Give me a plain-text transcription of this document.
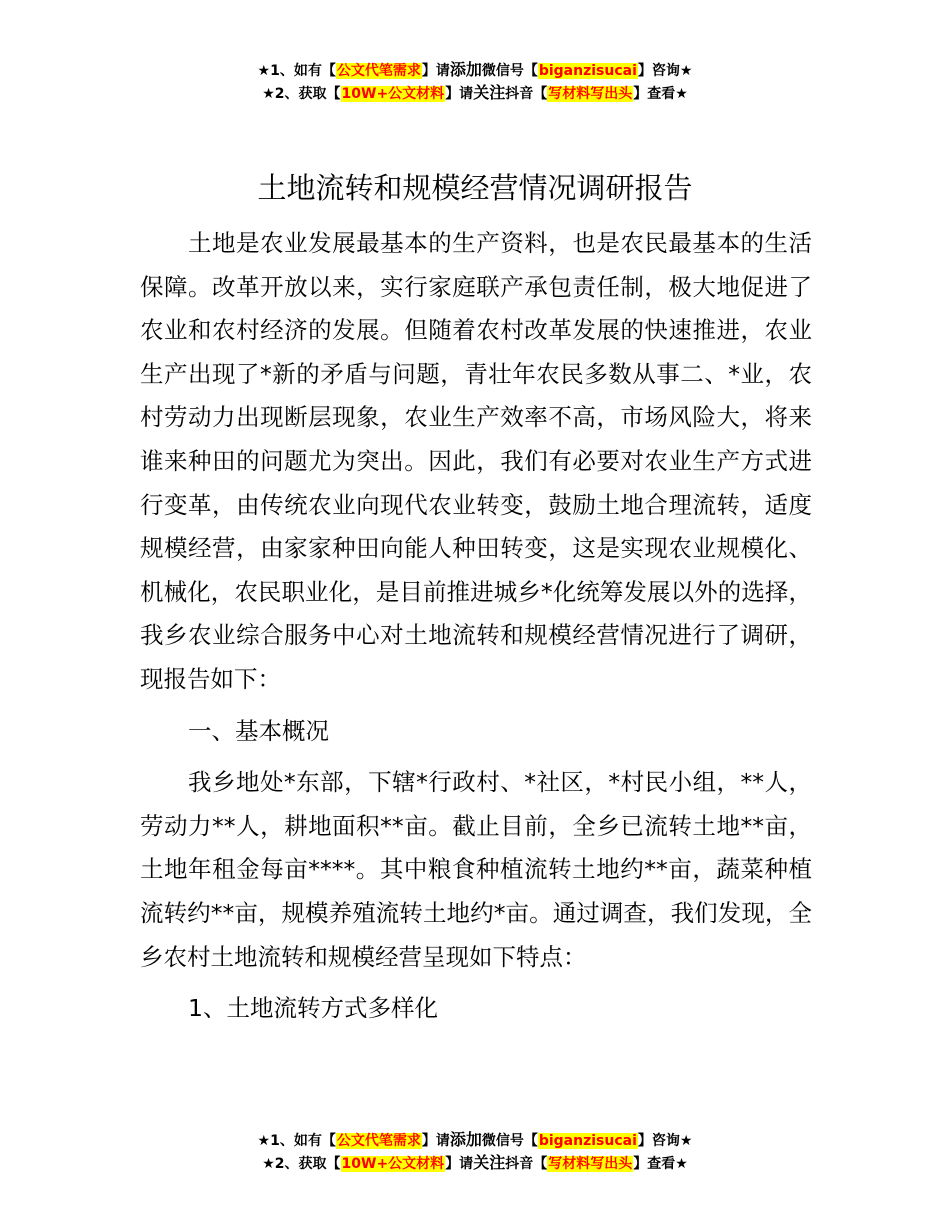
★1、如有【公文代笔需求】请添加微信号【biganzisucai】咨询★
★2、获取【10W+公文材料】请关注抖音【写材料写出头】查看★
土地流转和规模经营情况调研报告

土地是农业发展最基本的生产资料，也是农民最基本的生活保障。改革开放以来，实行家庭联产承包责任制，极大地促进了农业和农村经济的发展。但随着农村改革发展的快速推进，农业生产出现了*新的矛盾与问题，青壮年农民多数从事二、*业，农村劳动力出现断层现象，农业生产效率不高，市场风险大，将来谁来种田的问题尤为突出。因此，我们有必要对农业生产方式进行变革，由传统农业向现代农业转变，鼓励土地合理流转，适度规模经营，由家家种田向能人种田转变，这是实现农业规模化、机械化，农民职业化，是目前推进城乡*化统筹发展以外的选择，我乡农业综合服务中心对土地流转和规模经营情况进行了调研，现报告如下：

一、基本概况

我乡地处*东部，下辖*行政村、*社区，*村民小组，**人，劳动力**人，耕地面积**亩。截止目前，全乡已流转土地**亩，土地年租金每亩****。其中粮食种植流转土地约**亩，蔬菜种植流转约**亩，规模养殖流转土地约*亩。通过调查，我们发现，全乡农村土地流转和规模经营呈现如下特点：

1、土地流转方式多样化

★1、如有【公文代笔需求】请添加微信号【biganzisucai】咨询★
★2、获取【10W+公文材料】请关注抖音【写材料写出头】查看★
